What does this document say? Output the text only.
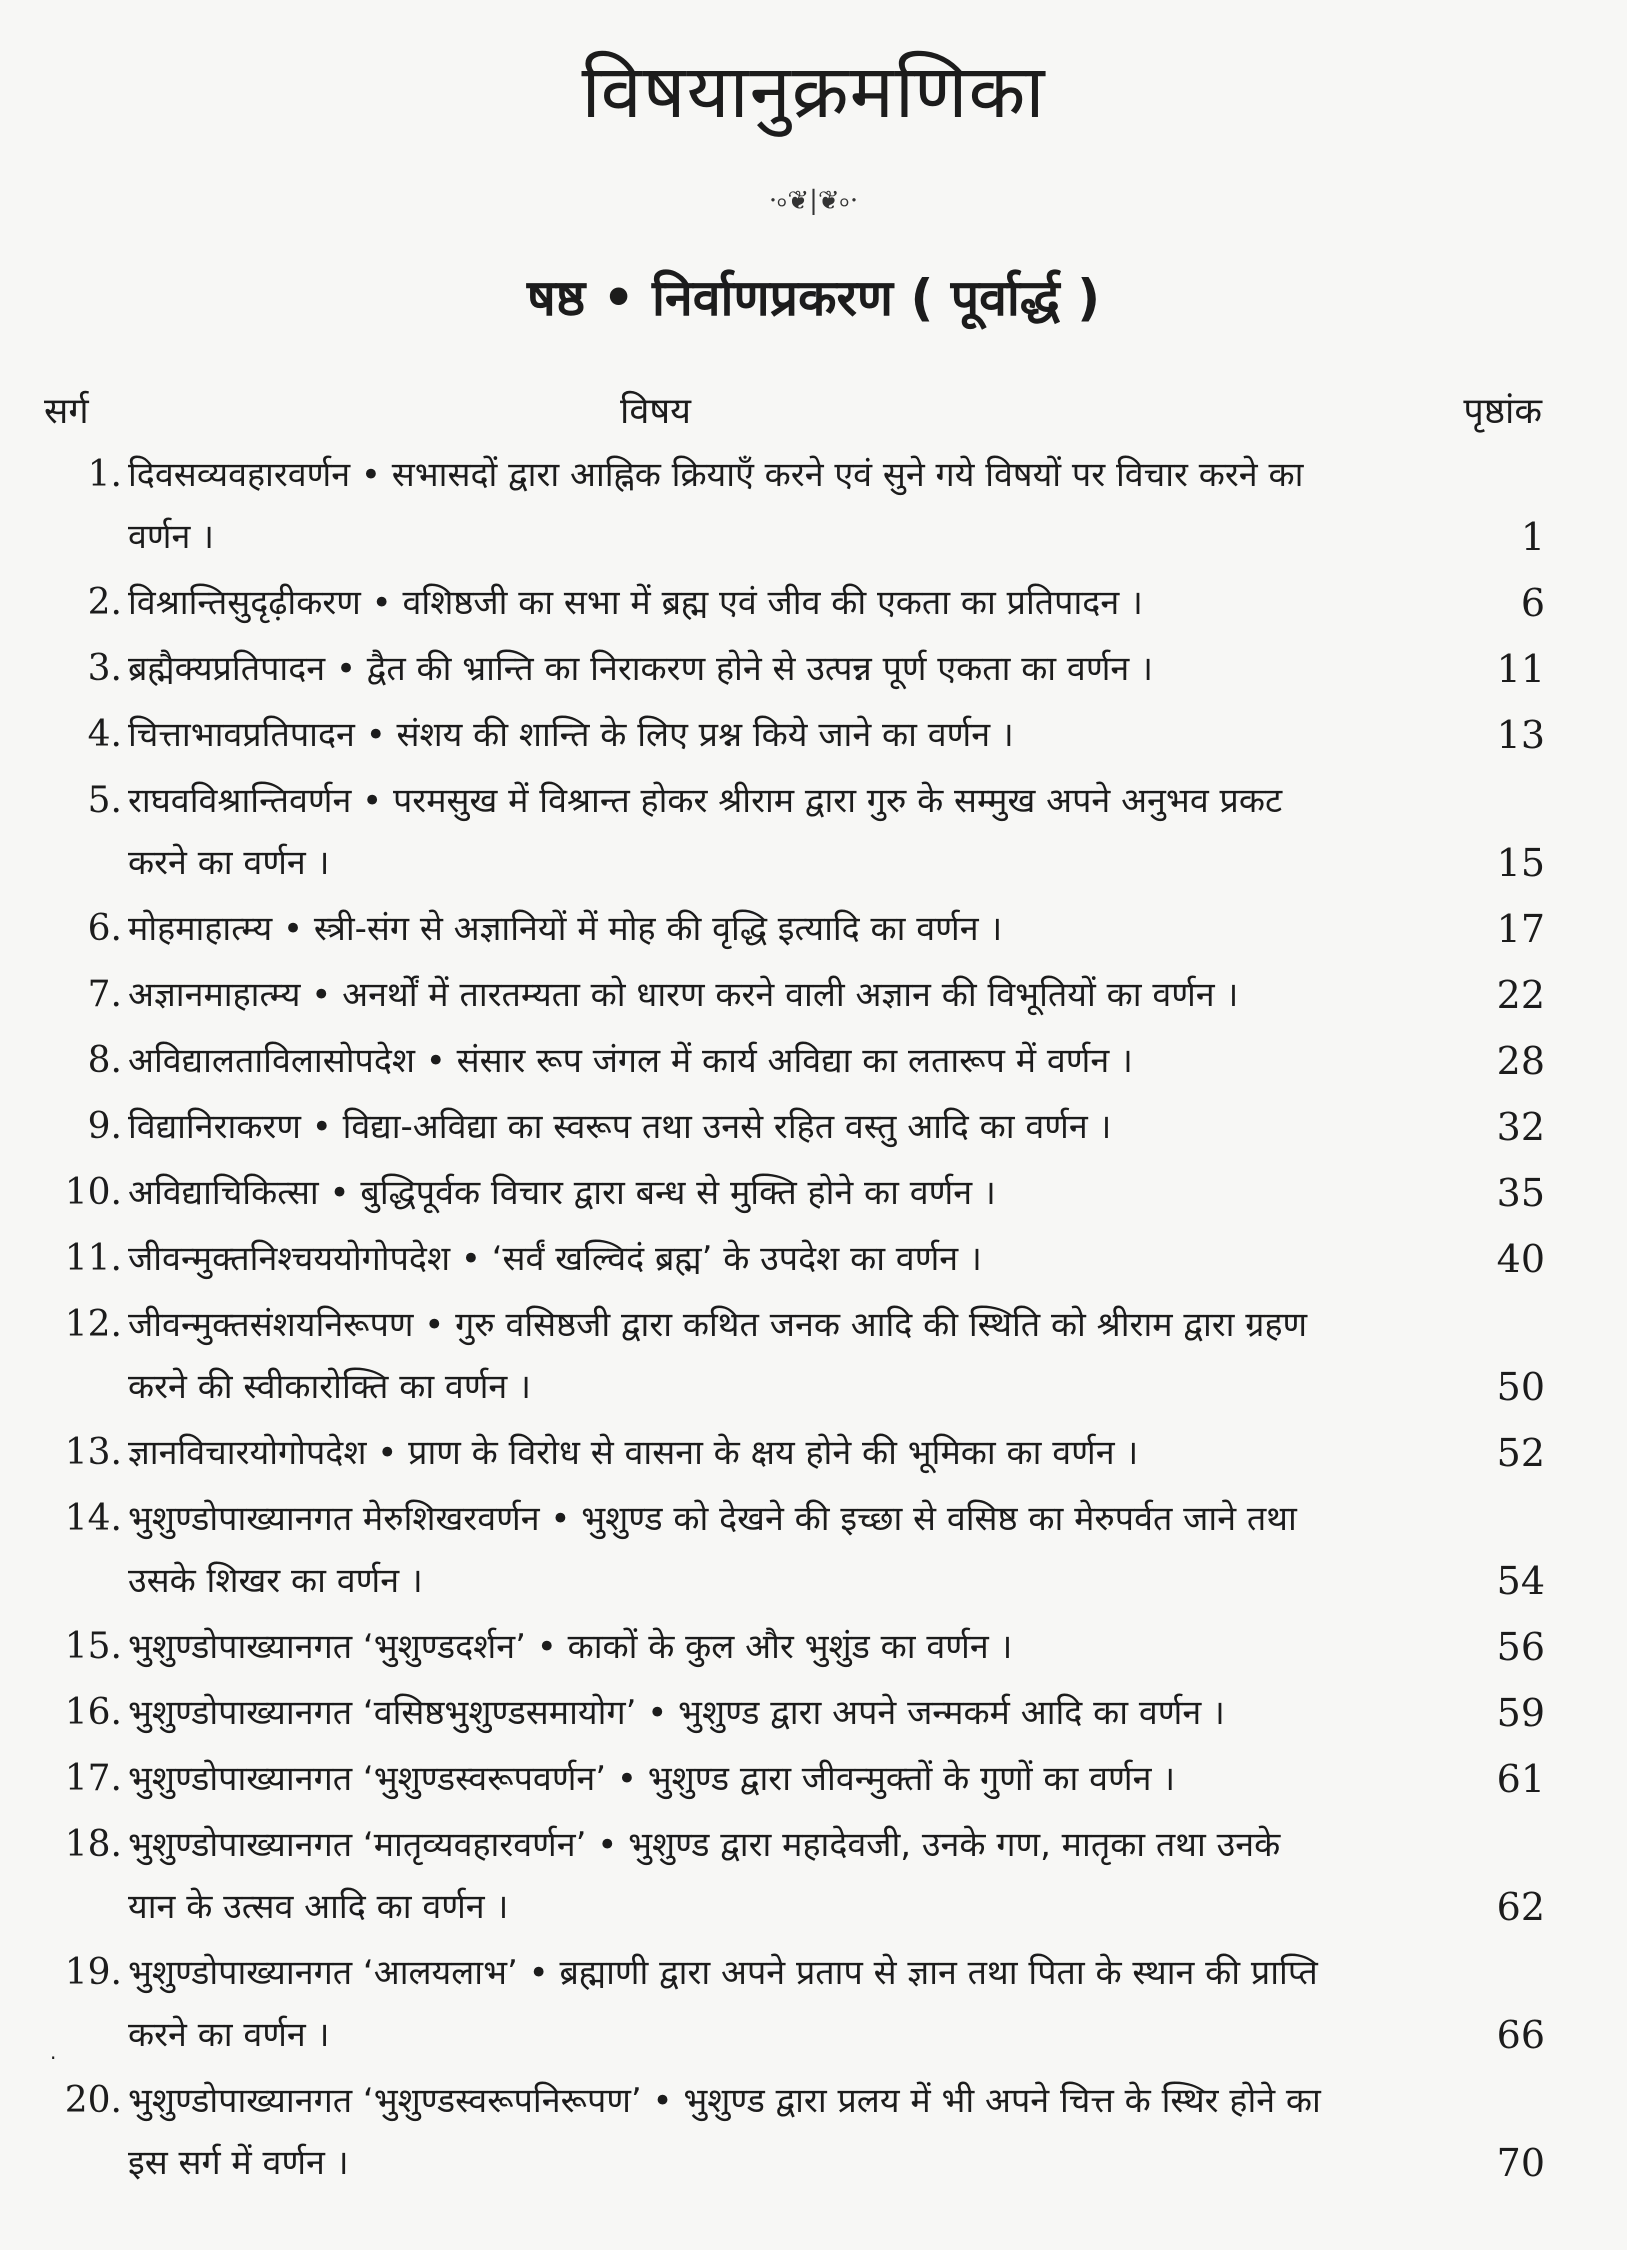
विषयानुक्रमणिका
·৹❦|❦৹·
षष्ठ • निर्वाणप्रकरण ( पूर्वार्द्ध )
सर्ग	विषय	पृष्ठांक
1. दिवसव्यवहारवर्णन • सभासदों द्वारा आह्निक क्रियाएँ करने एवं सुने गये विषयों पर विचार करने का वर्णन ।	1
2. विश्रान्तिसुदृढ़ीकरण • वशिष्ठजी का सभा में ब्रह्म एवं जीव की एकता का प्रतिपादन ।	6
3. ब्रह्मैक्यप्रतिपादन • द्वैत की भ्रान्ति का निराकरण होने से उत्पन्न पूर्ण एकता का वर्णन ।	11
4. चित्ताभावप्रतिपादन • संशय की शान्ति के लिए प्रश्न किये जाने का वर्णन ।	13
5. राघवविश्रान्तिवर्णन • परमसुख में विश्रान्त होकर श्रीराम द्वारा गुरु के सम्मुख अपने अनुभव प्रकट करने का वर्णन ।	15
6. मोहमाहात्म्य • स्त्री-संग से अज्ञानियों में मोह की वृद्धि इत्यादि का वर्णन ।	17
7. अज्ञानमाहात्म्य • अनर्थों में तारतम्यता को धारण करने वाली अज्ञान की विभूतियों का वर्णन ।	22
8. अविद्यालताविलासोपदेश • संसार रूप जंगल में कार्य अविद्या का लतारूप में वर्णन ।	28
9. विद्यानिराकरण • विद्या-अविद्या का स्वरूप तथा उनसे रहित वस्तु आदि का वर्णन ।	32
10. अविद्याचिकित्सा • बुद्धिपूर्वक विचार द्वारा बन्ध से मुक्ति होने का वर्णन ।	35
11. जीवन्मुक्तनिश्चययोगोपदेश • ‘सर्वं खल्विदं ब्रह्म’ के उपदेश का वर्णन ।	40
12. जीवन्मुक्तसंशयनिरूपण • गुरु वसिष्ठजी द्वारा कथित जनक आदि की स्थिति को श्रीराम द्वारा ग्रहण करने की स्वीकारोक्ति का वर्णन ।	50
13. ज्ञानविचारयोगोपदेश • प्राण के विरोध से वासना के क्षय होने की भूमिका का वर्णन ।	52
14. भुशुण्डोपाख्यानगत मेरुशिखरवर्णन • भुशुण्ड को देखने की इच्छा से वसिष्ठ का मेरुपर्वत जाने तथा उसके शिखर का वर्णन ।	54
15. भुशुण्डोपाख्यानगत ‘भुशुण्डदर्शन’ • काकों के कुल और भुशुंड का वर्णन ।	56
16. भुशुण्डोपाख्यानगत ‘वसिष्ठभुशुण्डसमायोग’ • भुशुण्ड द्वारा अपने जन्मकर्म आदि का वर्णन ।	59
17. भुशुण्डोपाख्यानगत ‘भुशुण्डस्वरूपवर्णन’ • भुशुण्ड द्वारा जीवन्मुक्तों के गुणों का वर्णन ।	61
18. भुशुण्डोपाख्यानगत ‘मातृव्यवहारवर्णन’ • भुशुण्ड द्वारा महादेवजी, उनके गण, मातृका तथा उनके यान के उत्सव आदि का वर्णन ।	62
19. भुशुण्डोपाख्यानगत ‘आलयलाभ’ • ब्रह्माणी द्वारा अपने प्रताप से ज्ञान तथा पिता के स्थान की प्राप्ति करने का वर्णन ।	66
20. भुशुण्डोपाख्यानगत ‘भुशुण्डस्वरूपनिरूपण’ • भुशुण्ड द्वारा प्रलय में भी अपने चित्त के स्थिर होने का इस सर्ग में वर्णन ।	70
.
